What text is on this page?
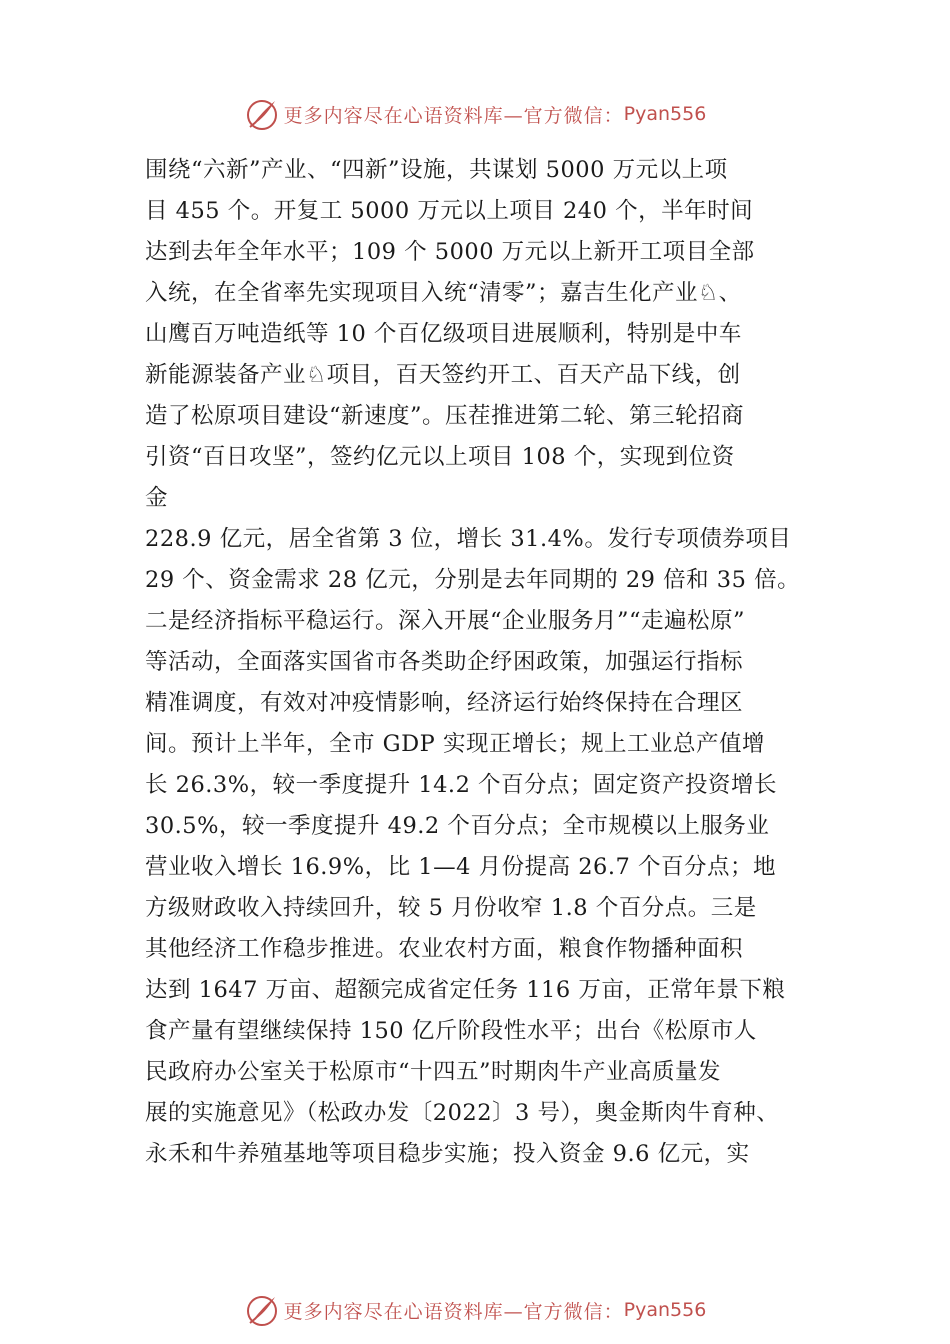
更多内容尽在心语资料库—官方微信： Pyan556
围绕“六新”产业、“四新”设施，共谋划 5000 万元以上项
目 455 个。开复工 5000 万元以上项目 240 个，半年时间
达到去年全年水平；109 个 5000 万元以上新开工项目全部
入统，在全省率先实现项目入统“清零”；嘉吉生化产业♘、
山鹰百万吨造纸等 10 个百亿级项目进展顺利，特别是中车
新能源装备产业♘项目，百天签约开工、百天产品下线，创
造了松原项目建设“新速度”。压茬推进第二轮、第三轮招商
引资“百日攻坚”，签约亿元以上项目 108 个，实现到位资
金
228.9 亿元，居全省第 3 位，增长 31.4%。发行专项债券项目
29 个、资金需求 28 亿元，分别是去年同期的 29 倍和 35 倍。
二是经济指标平稳运行。深入开展“企业服务月”“走遍松原”
等活动，全面落实国省市各类助企纾困政策，加强运行指标
精准调度，有效对冲疫情影响，经济运行始终保持在合理区
间。预计上半年，全市 GDP 实现正增长；规上工业总产值增
长 26.3%，较一季度提升 14.2 个百分点；固定资产投资增长
30.5%，较一季度提升 49.2 个百分点；全市规模以上服务业
营业收入增长 16.9%，比 1—4 月份提高 26.7 个百分点；地
方级财政收入持续回升，较 5 月份收窄 1.8 个百分点。三是
其他经济工作稳步推进。农业农村方面，粮食作物播种面积
达到 1647 万亩、超额完成省定任务 116 万亩，正常年景下粮
食产量有望继续保持 150 亿斤阶段性水平；出台《松原市人
民政府办公室关于松原市“十四五”时期肉牛产业高质量发
展的实施意见》（松政办发〔2022〕3 号），奥金斯肉牛育种、
永禾和牛养殖基地等项目稳步实施；投入资金 9.6 亿元，实
更多内容尽在心语资料库—官方微信： Pyan556
